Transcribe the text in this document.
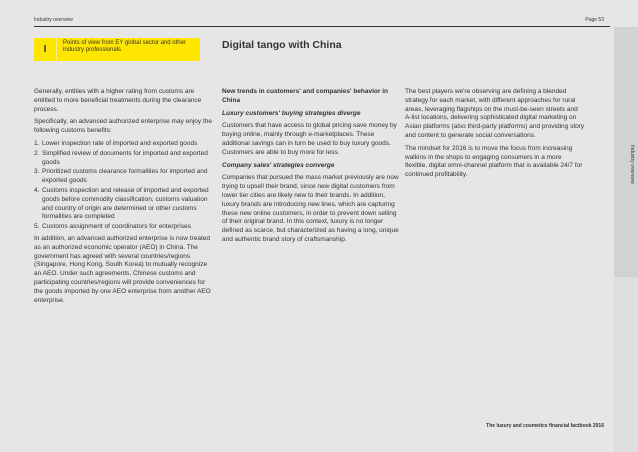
Industry overview	Page 53
Industry overview
I
Points of view from EY global sector and other industry professionals	Digital tango with China

Generally, entities with a higher rating from customs are entitled to more beneficial treatments during the clearance process.

Specifically, an advanced authorized enterprise may enjoy the following customs benefits:

1. Lower inspection rate of imported and exported goods
2. Simplified review of documents for imported and exported goods
3. Prioritized customs clearance formalities for imported and exported goods
4. Customs inspection and release of imported and exported goods before commodity classification, customs valuation and country of origin are determined or other customs formalities are completed
5. Customs assignment of coordinators for enterprises

In addition, an advanced authorized enterprise is now treated as an authorized economic operator (AEO) in China. The government has agreed with several countries/regions (Singapore, Hong Kong, South Korea) to mutually recognize an AEO. Under such agreements, Chinese customs and participating countries/regions will provide conveniences for the goods imported by one AEO enterprise from another AEO enterprise.

New trends in customers' and companies' behavior in China

Luxury customers' buying strategies diverge

Customers that have access to global pricing save money by buying online, mainly through e-marketplaces. These additional savings can in turn be used to buy luxury goods. Customers are able to buy more for less.

Company sales' strategies converge

Companies that pursued the mass market previously are now trying to upsell their brand, since new digital customers from lower tier cities are likely new to their brands. In addition, luxury brands are introducing new lines, which are capturing these new online customers, in order to prevent down selling of their original brand. In this context, luxury is no longer defined as scarce, but characterized as having a long, unique and authentic brand story of craftsmanship.

The best players we're observing are defining a blended strategy for each market, with different approaches for rural areas, leveraging flagships on the must-be-seen streets and A-list locations, delivering sophisticated digital marketing on Asian platforms (also third-party platforms) and providing story and content to generate social conversations.

The mindset for 2016 is to move the focus from increasing walkins in the shops to engaging consumers in a more flexible, digital omni-channel platform that is available 24/7 for continued profitability.

The luxury and cosmetics financial factbook 2016
